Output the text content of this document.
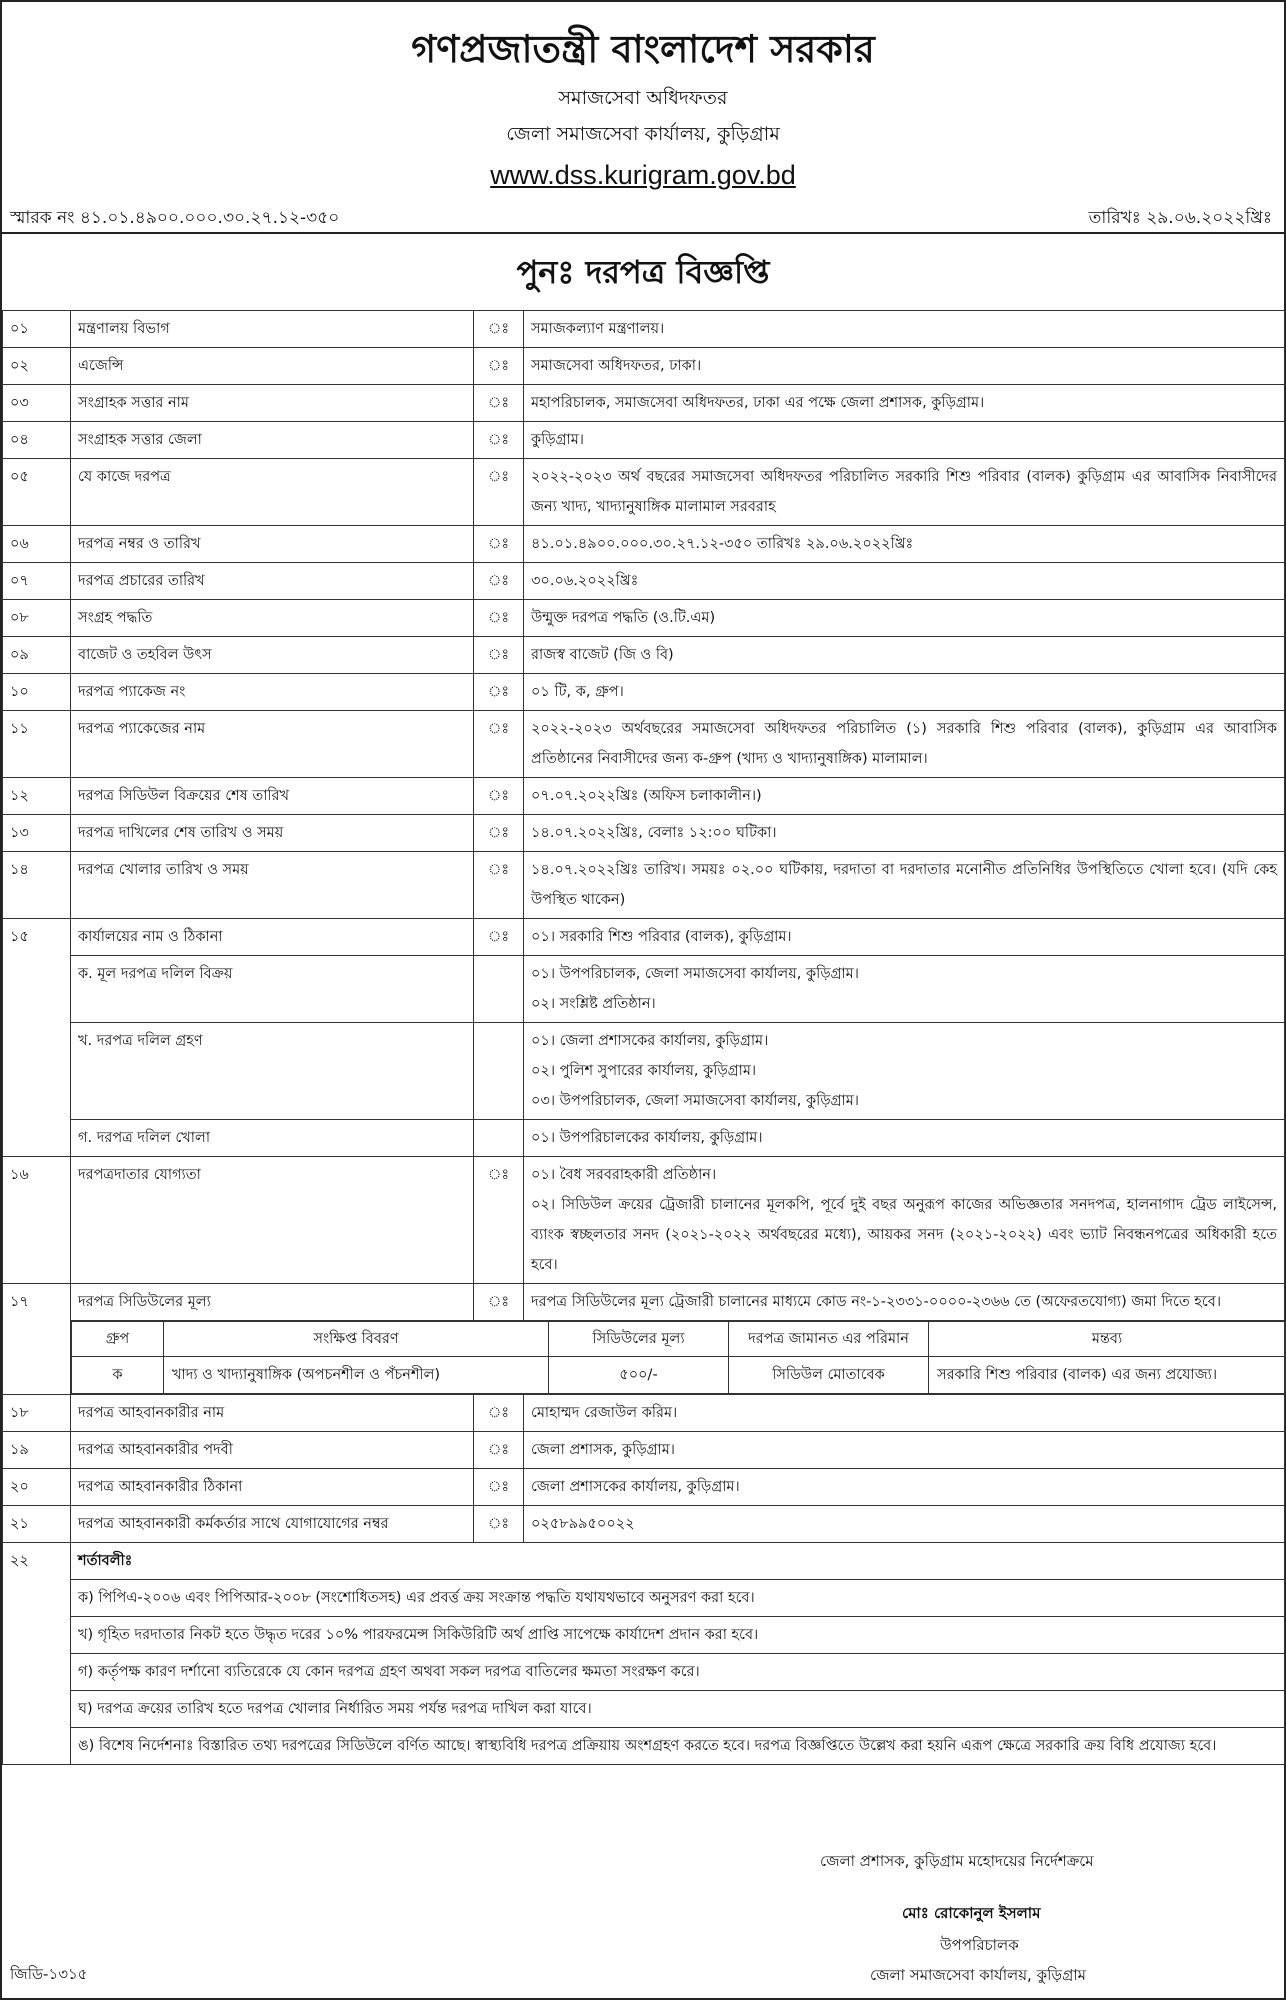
গণপ্রজাতন্ত্রী বাংলাদেশ সরকার
সমাজসেবা অধিদফতর
জেলা সমাজসেবা কার্যালয়, কুড়িগ্রাম
www.dss.kurigram.gov.bd
স্মারক নং ৪১.০১.৪৯০০.০০০.৩০.২৭.১২-৩৫০	তারিখঃ ২৯.০৬.২০২২খ্রিঃ
পুনঃ দরপত্র বিজ্ঞপ্তি
০১	মন্ত্রণালয় বিভাগ	ঃ	সমাজকল্যাণ মন্ত্রণালয়।
০২	এজেন্সি	ঃ	সমাজসেবা অধিদফতর, ঢাকা।
০৩	সংগ্রাহক সত্তার নাম	ঃ	মহাপরিচালক, সমাজসেবা অধিদফতর, ঢাকা এর পক্ষে জেলা প্রশাসক, কুড়িগ্রাম।
০৪	সংগ্রাহক সত্তার জেলা	ঃ	কুড়িগ্রাম।
০৫	যে কাজে দরপত্র	ঃ	২০২২-২০২৩ অর্থ বছরের সমাজসেবা অধিদফতর পরিচালিত সরকারি শিশু পরিবার (বালক) কুড়িগ্রাম এর আবাসিক নিবাসীদের জন্য খাদ্য, খাদ্যানুষাঙ্গিক মালামাল সরবরাহ
০৬	দরপত্র নম্বর ও তারিখ	ঃ	৪১.০১.৪৯০০.০০০.৩০.২৭.১২-৩৫০ তারিখঃ ২৯.০৬.২০২২খ্রিঃ
০৭	দরপত্র প্রচারের তারিখ	ঃ	৩০.০৬.২০২২খ্রিঃ
০৮	সংগ্রহ পদ্ধতি	ঃ	উন্মুক্ত দরপত্র পদ্ধতি (ও.টি.এম)
০৯	বাজেট ও তহবিল উৎস	ঃ	রাজস্ব বাজেট (জি ও বি)
১০	দরপত্র প্যাকেজ নং	ঃ	০১ টি, ক, গ্রুপ।
১১	দরপত্র প্যাকেজের নাম	ঃ	২০২২-২০২৩ অর্থবছরের সমাজসেবা অধিদফতর পরিচালিত (১) সরকারি শিশু পরিবার (বালক), কুড়িগ্রাম এর আবাসিক প্রতিষ্ঠানের নিবাসীদের জন্য ক-গ্রুপ (খাদ্য ও খাদ্যানুষাঙ্গিক) মালামাল।
১২	দরপত্র সিডিউল বিক্রয়ের শেষ তারিখ	ঃ	০৭.০৭.২০২২খ্রিঃ (অফিস চলাকালীন।)
১৩	দরপত্র দাখিলের শেষ তারিখ ও সময়	ঃ	১৪.০৭.২০২২খ্রিঃ, বেলাঃ ১২:০০ ঘটিকা।
১৪	দরপত্র খোলার তারিখ ও সময়	ঃ	১৪.০৭.২০২২খ্রিঃ তারিখ। সময়ঃ ০২.০০ ঘটিকায়, দরদাতা বা দরদাতার মনোনীত প্রতিনিধির উপস্থিতিতে খোলা হবে। (যদি কেহ উপস্থিত থাকেন)
১৫	কার্যালয়ের নাম ও ঠিকানা	ঃ	০১। সরকারি শিশু পরিবার (বালক), কুড়িগ্রাম।
ক. মূল দরপত্র দলিল বিক্রয়		০১। উপপরিচালক, জেলা সমাজসেবা কার্যালয়, কুড়িগ্রাম।
০২। সংশ্লিষ্ট প্রতিষ্ঠান।

খ. দরপত্র দলিল গ্রহণ		০১। জেলা প্রশাসকের কার্যালয়, কুড়িগ্রাম।
০২। পুলিশ সুপারের কার্যালয়, কুড়িগ্রাম।
০৩। উপপরিচালক, জেলা সমাজসেবা কার্যালয়, কুড়িগ্রাম।

গ. দরপত্র দলিল খোলা		০১। উপপরিচালকের কার্যালয়, কুড়িগ্রাম।

১৬	দরপত্রদাতার যোগ্যতা	ঃ	০১। বৈধ সরবরাহকারী প্রতিষ্ঠান।
০২। সিডিউল ক্রয়ের ট্রেজারী চালানের মূলকপি, পূর্বে দুই বছর অনুরূপ কাজের অভিজ্ঞতার সনদপত্র, হালনাগাদ ট্রেড লাইসেন্স, ব্যাংক স্বচ্ছলতার সনদ (২০২১-২০২২ অর্থবছরের মধ্যে), আয়কর সনদ (২০২১-২০২২) এবং ভ্যাট নিবন্ধনপত্রের অধিকারী হতে হবে।

১৭	দরপত্র সিডিউলের মূল্য	ঃ	দরপত্র সিডিউলের মূল্য ট্রেজারী চালানের মাধ্যমে কোড নং-১-২৩৩১-০০০০-২৩৬৬ তে (অফেরতযোগ্য) জমা দিতে হবে।

গ্রুপ	সংক্ষিপ্ত বিবরণ	সিডিউলের মূল্য	দরপত্র জামানত এর পরিমান	মন্তব্য
ক	খাদ্য ও খাদ্যানুষাঙ্গিক (অপচনশীল ও পঁচনশীল)	৫০০/-	সিডিউল মোতাবেক	সরকারি শিশু পরিবার (বালক) এর জন্য প্রযোজ্য।

১৮	দরপত্র আহবানকারীর নাম	ঃ	মোহাম্মদ রেজাউল করিম।
১৯	দরপত্র আহবানকারীর পদবী	ঃ	জেলা প্রশাসক, কুড়িগ্রাম।
২০	দরপত্র আহবানকারীর ঠিকানা	ঃ	জেলা প্রশাসকের কার্যালয়, কুড়িগ্রাম।
২১	দরপত্র আহবানকারী কর্মকর্তার সাথে যোগাযোগের নম্বর	ঃ	০২৫৮৯৯৫০০২২
২২	শর্তাবলীঃ
ক) পিপিএ-২০০৬ এবং পিপিআর-২০০৮ (সংশোধিতসহ) এর প্রবর্ত্ত ক্রয় সংক্রান্ত পদ্ধতি যথাযথভাবে অনুসরণ করা হবে।
খ) গৃহিত দরদাতার নিকট হতে উদ্ধৃত দরের ১০% পারফরমেন্স সিকিউরিটি অর্থ প্রাপ্তি সাপেক্ষে কার্যাদেশ প্রদান করা হবে।
গ) কর্তৃপক্ষ কারণ দর্শানো ব্যতিরেকে যে কোন দরপত্র গ্রহণ অথবা সকল দরপত্র বাতিলের ক্ষমতা সংরক্ষণ করে।
ঘ) দরপত্র ক্রয়ের তারিখ হতে দরপত্র খোলার নির্ধারিত সময় পর্যন্ত দরপত্র দাখিল করা যাবে।
ঙ) বিশেষ নির্দেশনাঃ বিস্তারিত তথ্য দরপত্রের সিডিউলে বর্ণিত আছে। স্বাস্থ্যবিধি দরপত্র প্রক্রিয়ায় অংশগ্রহণ করতে হবে। দরপত্র বিজ্ঞপ্তিতে উল্লেখ করা হয়নি এরূপ ক্ষেত্রে সরকারি ক্রয় বিধি প্রযোজ্য হবে।
জেলা প্রশাসক, কুড়িগ্রাম মহোদয়ের নির্দেশক্রমে
মোঃ রোকোনুল ইসলাম
উপপরিচালক
জেলা সমাজসেবা কার্যালয়, কুড়িগ্রাম
জিডি-১৩১৫
